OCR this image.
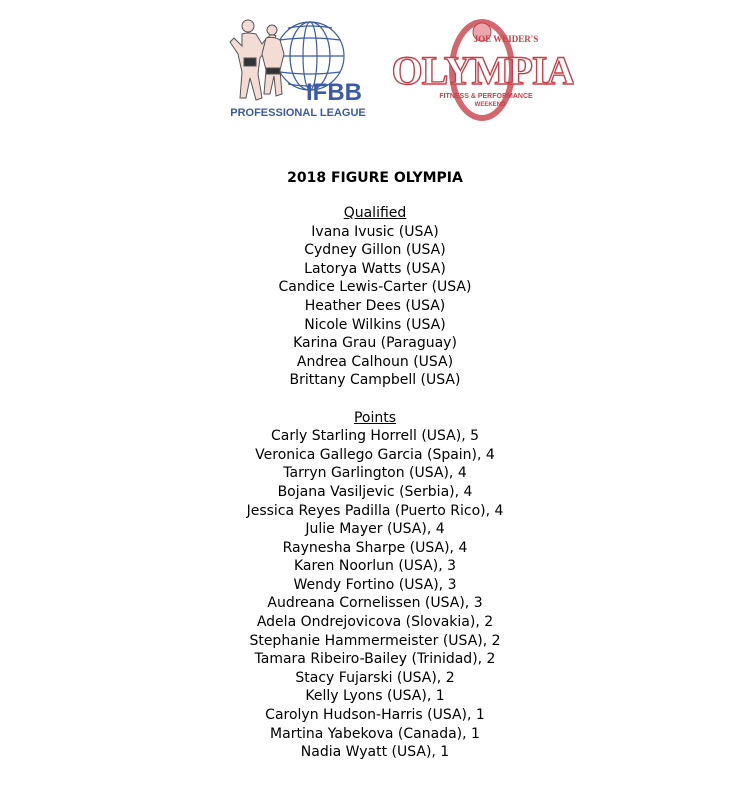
IFBB
PROFESSIONAL LEAGUE
JOE WEIDER'S
OLYMPIA
FITNESS & PERFORMANCE
WEEKEND
2018 FIGURE OLYMPIA
Qualified
Ivana Ivusic (USA)
Cydney Gillon (USA)
Latorya Watts (USA)
Candice Lewis-Carter (USA)
Heather Dees (USA)
Nicole Wilkins (USA)
Karina Grau (Paraguay)
Andrea Calhoun (USA)
Brittany Campbell (USA)
Points
Carly Starling Horrell (USA), 5
Veronica Gallego Garcia (Spain), 4
Tarryn Garlington (USA), 4
Bojana Vasiljevic (Serbia), 4
Jessica Reyes Padilla (Puerto Rico), 4
Julie Mayer (USA), 4
Raynesha Sharpe (USA), 4
Karen Noorlun (USA), 3
Wendy Fortino (USA), 3
Audreana Cornelissen (USA), 3
Adela Ondrejovicova (Slovakia), 2
Stephanie Hammermeister (USA), 2
Tamara Ribeiro-Bailey (Trinidad), 2
Stacy Fujarski (USA), 2
Kelly Lyons (USA), 1
Carolyn Hudson-Harris (USA), 1
Martina Yabekova (Canada), 1
Nadia Wyatt (USA), 1
